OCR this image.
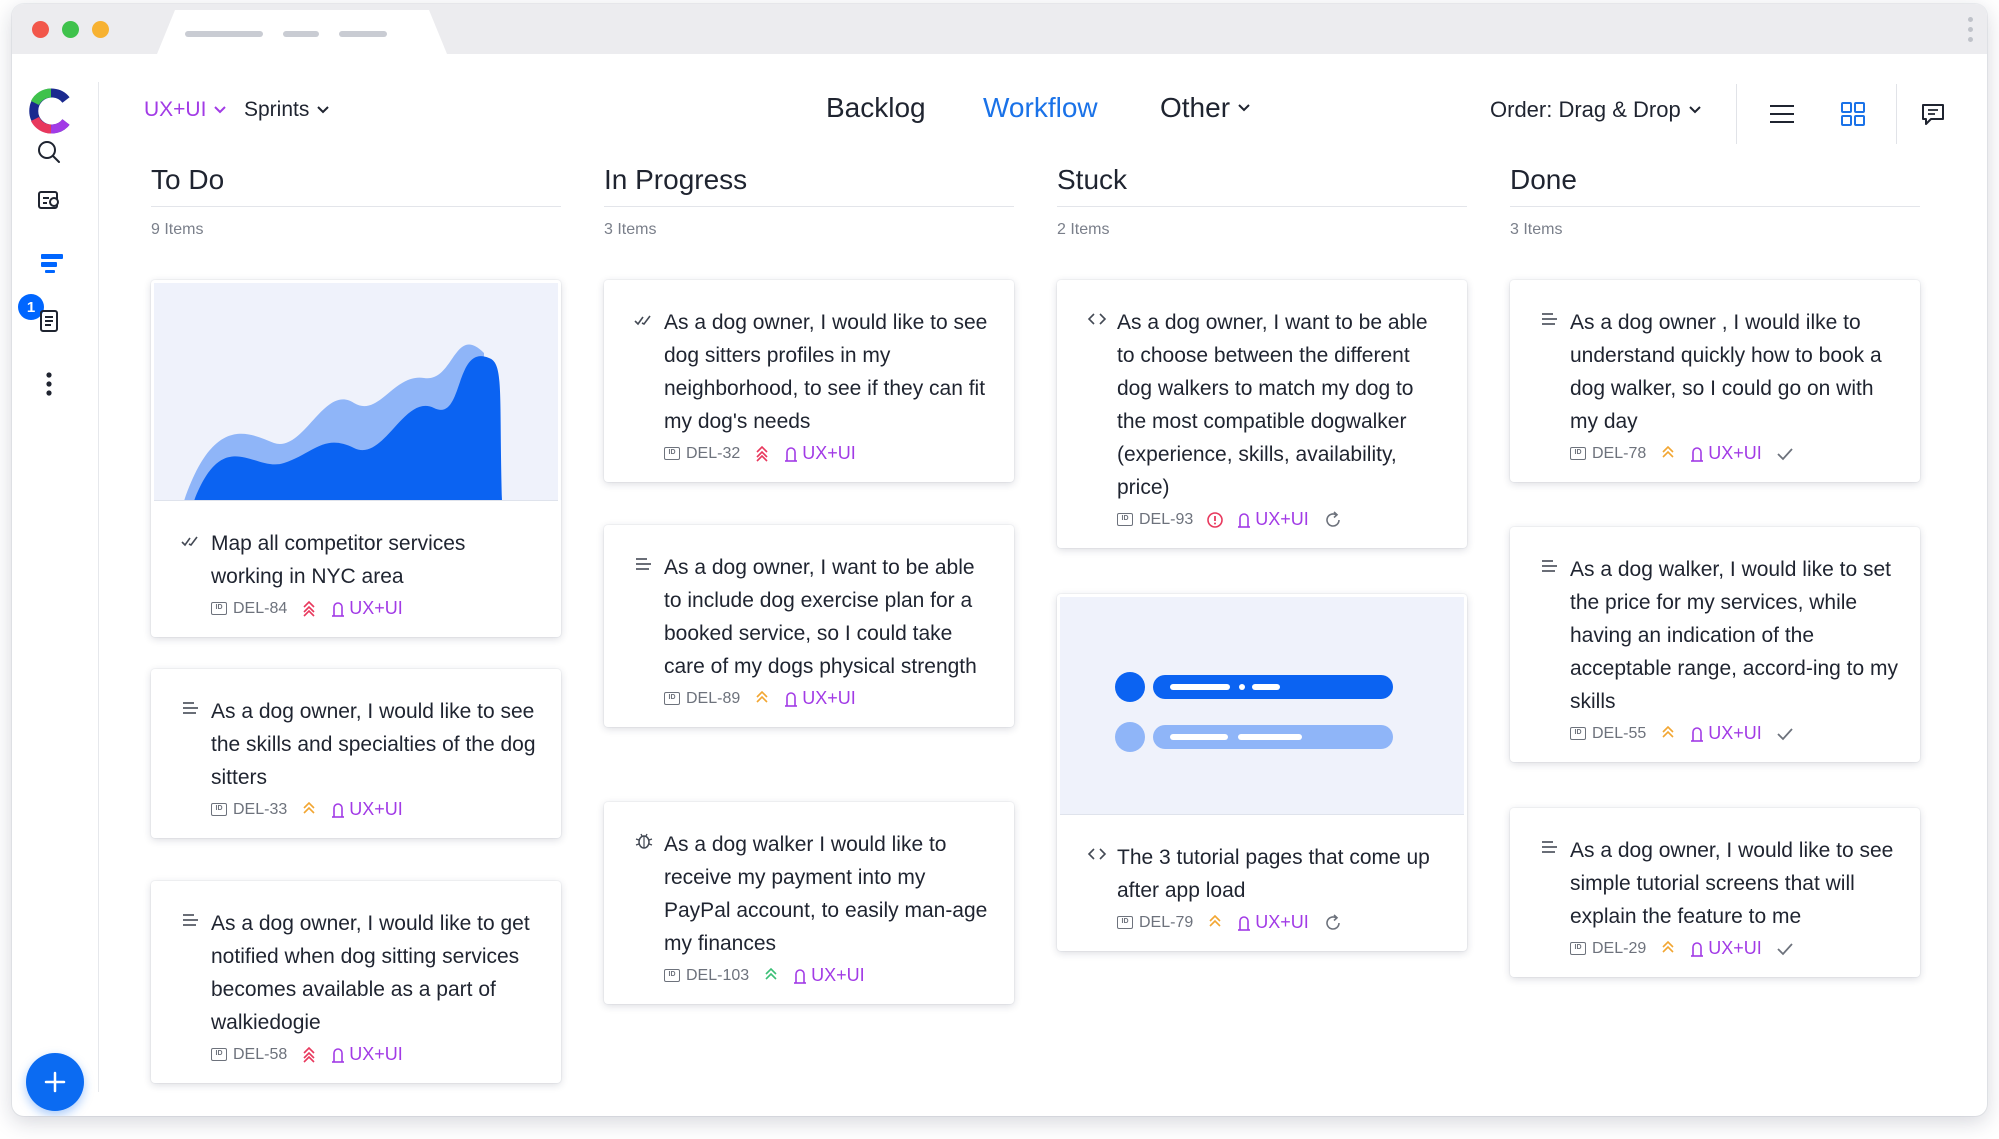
1
UX+UI Sprints	Backlog Workflow Other	Order: Drag & Drop
To Do
9 Items
Map all competitor services working in NYC area
ID DEL-84	UX+UI
As a dog owner, I would like to see the skills and specialties of the dog sitters
ID DEL-33	UX+UI
As a dog owner, I would like to get notified when dog sitting services becomes available as a part of walkiedogie
ID DEL-58	UX+UI
In Progress
3 Items
As a dog owner, I would like to see dog sitters profiles in my neighborhood, to see if they can fit my dog's needs
ID DEL-32	UX+UI
As a dog owner, I want to be able to include dog exercise plan for a booked service, so I could take care of my dogs physical strength
ID DEL-89	UX+UI
As a dog walker I would like to receive my payment into my PayPal account, to easily man-age my finances
ID DEL-103	UX+UI
Stuck
2 Items
As a dog owner, I want to be able to choose between the different dog walkers to match my dog to the most compatible dogwalker (experience, skills, availability, price)
ID DEL-93	UX+UI
The 3 tutorial pages that come up after app load
ID DEL-79	UX+UI
Done
3 Items
As a dog owner , I would ilke to understand quickly how to book a dog walker, so I could go on with my day
ID DEL-78	UX+UI
As a dog walker, I would like to set the price for my services, while having an indication of the acceptable range, accord-ing to my skills
ID DEL-55	UX+UI
As a dog owner, I would like to see simple tutorial screens that will explain the feature to me
ID DEL-29	UX+UI
